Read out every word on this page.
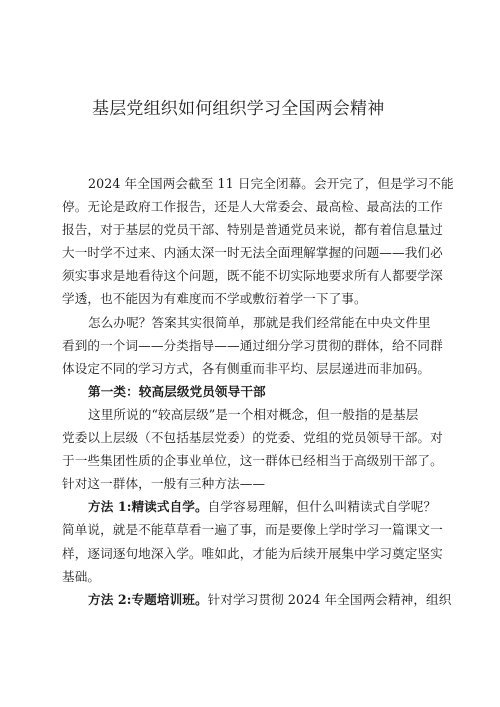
基层党组织如何组织学习全国两会精神
2024 年全国两会截至 11 日完全闭幕。会开完了，但是学习不能
停。无论是政府工作报告，还是人大常委会、最高检、最高法的工作
报告，对于基层的党员干部、特别是普通党员来说，都有着信息量过
大一时学不过来、内涵太深一时无法全面理解掌握的问题——我们必
须实事求是地看待这个问题，既不能不切实际地要求所有人都要学深
学透，也不能因为有难度而不学或敷衍着学一下了事。
怎么办呢？答案其实很简单，那就是我们经常能在中央文件里
看到的一个词——分类指导——通过细分学习贯彻的群体，给不同群
体设定不同的学习方式，各有侧重而非平均、层层递进而非加码。
第一类：较高层级党员领导干部
这里所说的“较高层级”是一个相对概念，但一般指的是基层
党委以上层级（不包括基层党委）的党委、党组的党员领导干部。对
于一些集团性质的企事业单位，这一群体已经相当于高级别干部了。
针对这一群体，一般有三种方法——
方法 1:精读式自学。自学容易理解，但什么叫精读式自学呢？
简单说，就是不能草草看一遍了事，而是要像上学时学习一篇课文一
样，逐词逐句地深入学。唯如此，才能为后续开展集中学习奠定坚实
基础。
方法 2:专题培训班。针对学习贯彻 2024 年全国两会精神，组织
